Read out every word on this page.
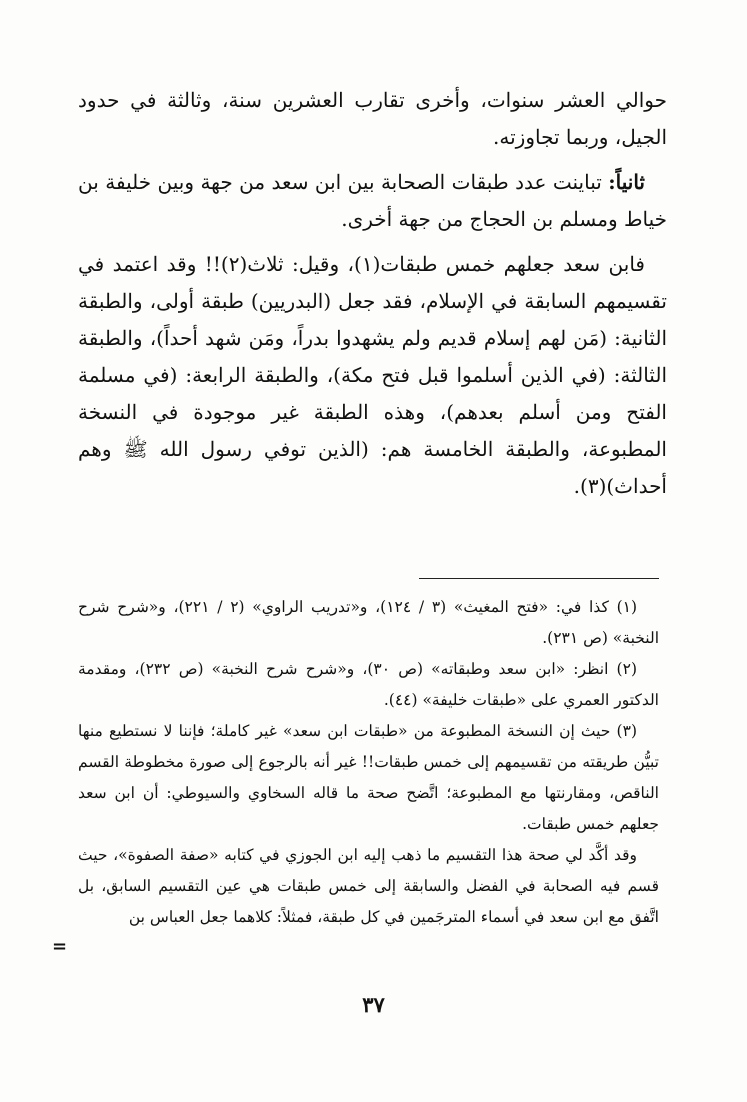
حوالي العشر سنوات، وأخرى تقارب العشرين سنة، وثالثة في حدود الجيل، وربما تجاوزته.

ثانياً: تباينت عدد طبقات الصحابة بين ابن سعد من جهة وبين خليفة بن خياط ومسلم بن الحجاج من جهة أخرى.

فابن سعد جعلهم خمس طبقات(١)، وقيل: ثلاث(٢)!! وقد اعتمد في تقسيمهم السابقة في الإسلام، فقد جعل (البدريين) طبقة أولى، والطبقة الثانية: (مَن لهم إسلام قديم ولم يشهدوا بدراً، ومَن شهد أحداً)، والطبقة الثالثة: (في الذين أسلموا قبل فتح مكة)، والطبقة الرابعة: (في مسلمة الفتح ومن أسلم بعدهم)، وهذه الطبقة غير موجودة في النسخة المطبوعة، والطبقة الخامسة هم: (الذين توفي رسول الله ﷺ وهم أحداث)(٣).

(١) كذا في: «فتح المغيث» (٣ / ١٢٤)، و«تدريب الراوي» (٢ / ٢٢١)، و«شرح شرح النخبة» (ص ٢٣١).

(٢) انظر: «ابن سعد وطبقاته» (ص ٣٠)، و«شرح شرح النخبة» (ص ٢٣٢)، ومقدمة الدكتور العمري على «طبقات خليفة» (٤٤).

(٣) حيث إن النسخة المطبوعة من «طبقات ابن سعد» غير كاملة؛ فإننا لا نستطيع منها تبيُّن طريقته من تقسيمهم إلى خمس طبقات!! غير أنه بالرجوع إلى صورة مخطوطة القسم الناقص، ومقارنتها مع المطبوعة؛ اتَّضح صحة ما قاله السخاوي والسيوطي: أن ابن سعد جعلهم خمس طبقات.

وقد أكَّد لي صحة هذا التقسيم ما ذهب إليه ابن الجوزي في كتابه «صفة الصفوة»، حيث قسم فيه الصحابة في الفضل والسابقة إلى خمس طبقات هي عين التقسيم السابق، بل اتَّفق مع ابن سعد في أسماء المترجَمين في كل طبقة، فمثلاً: كلاهما جعل العباس بن

=
٣٧
